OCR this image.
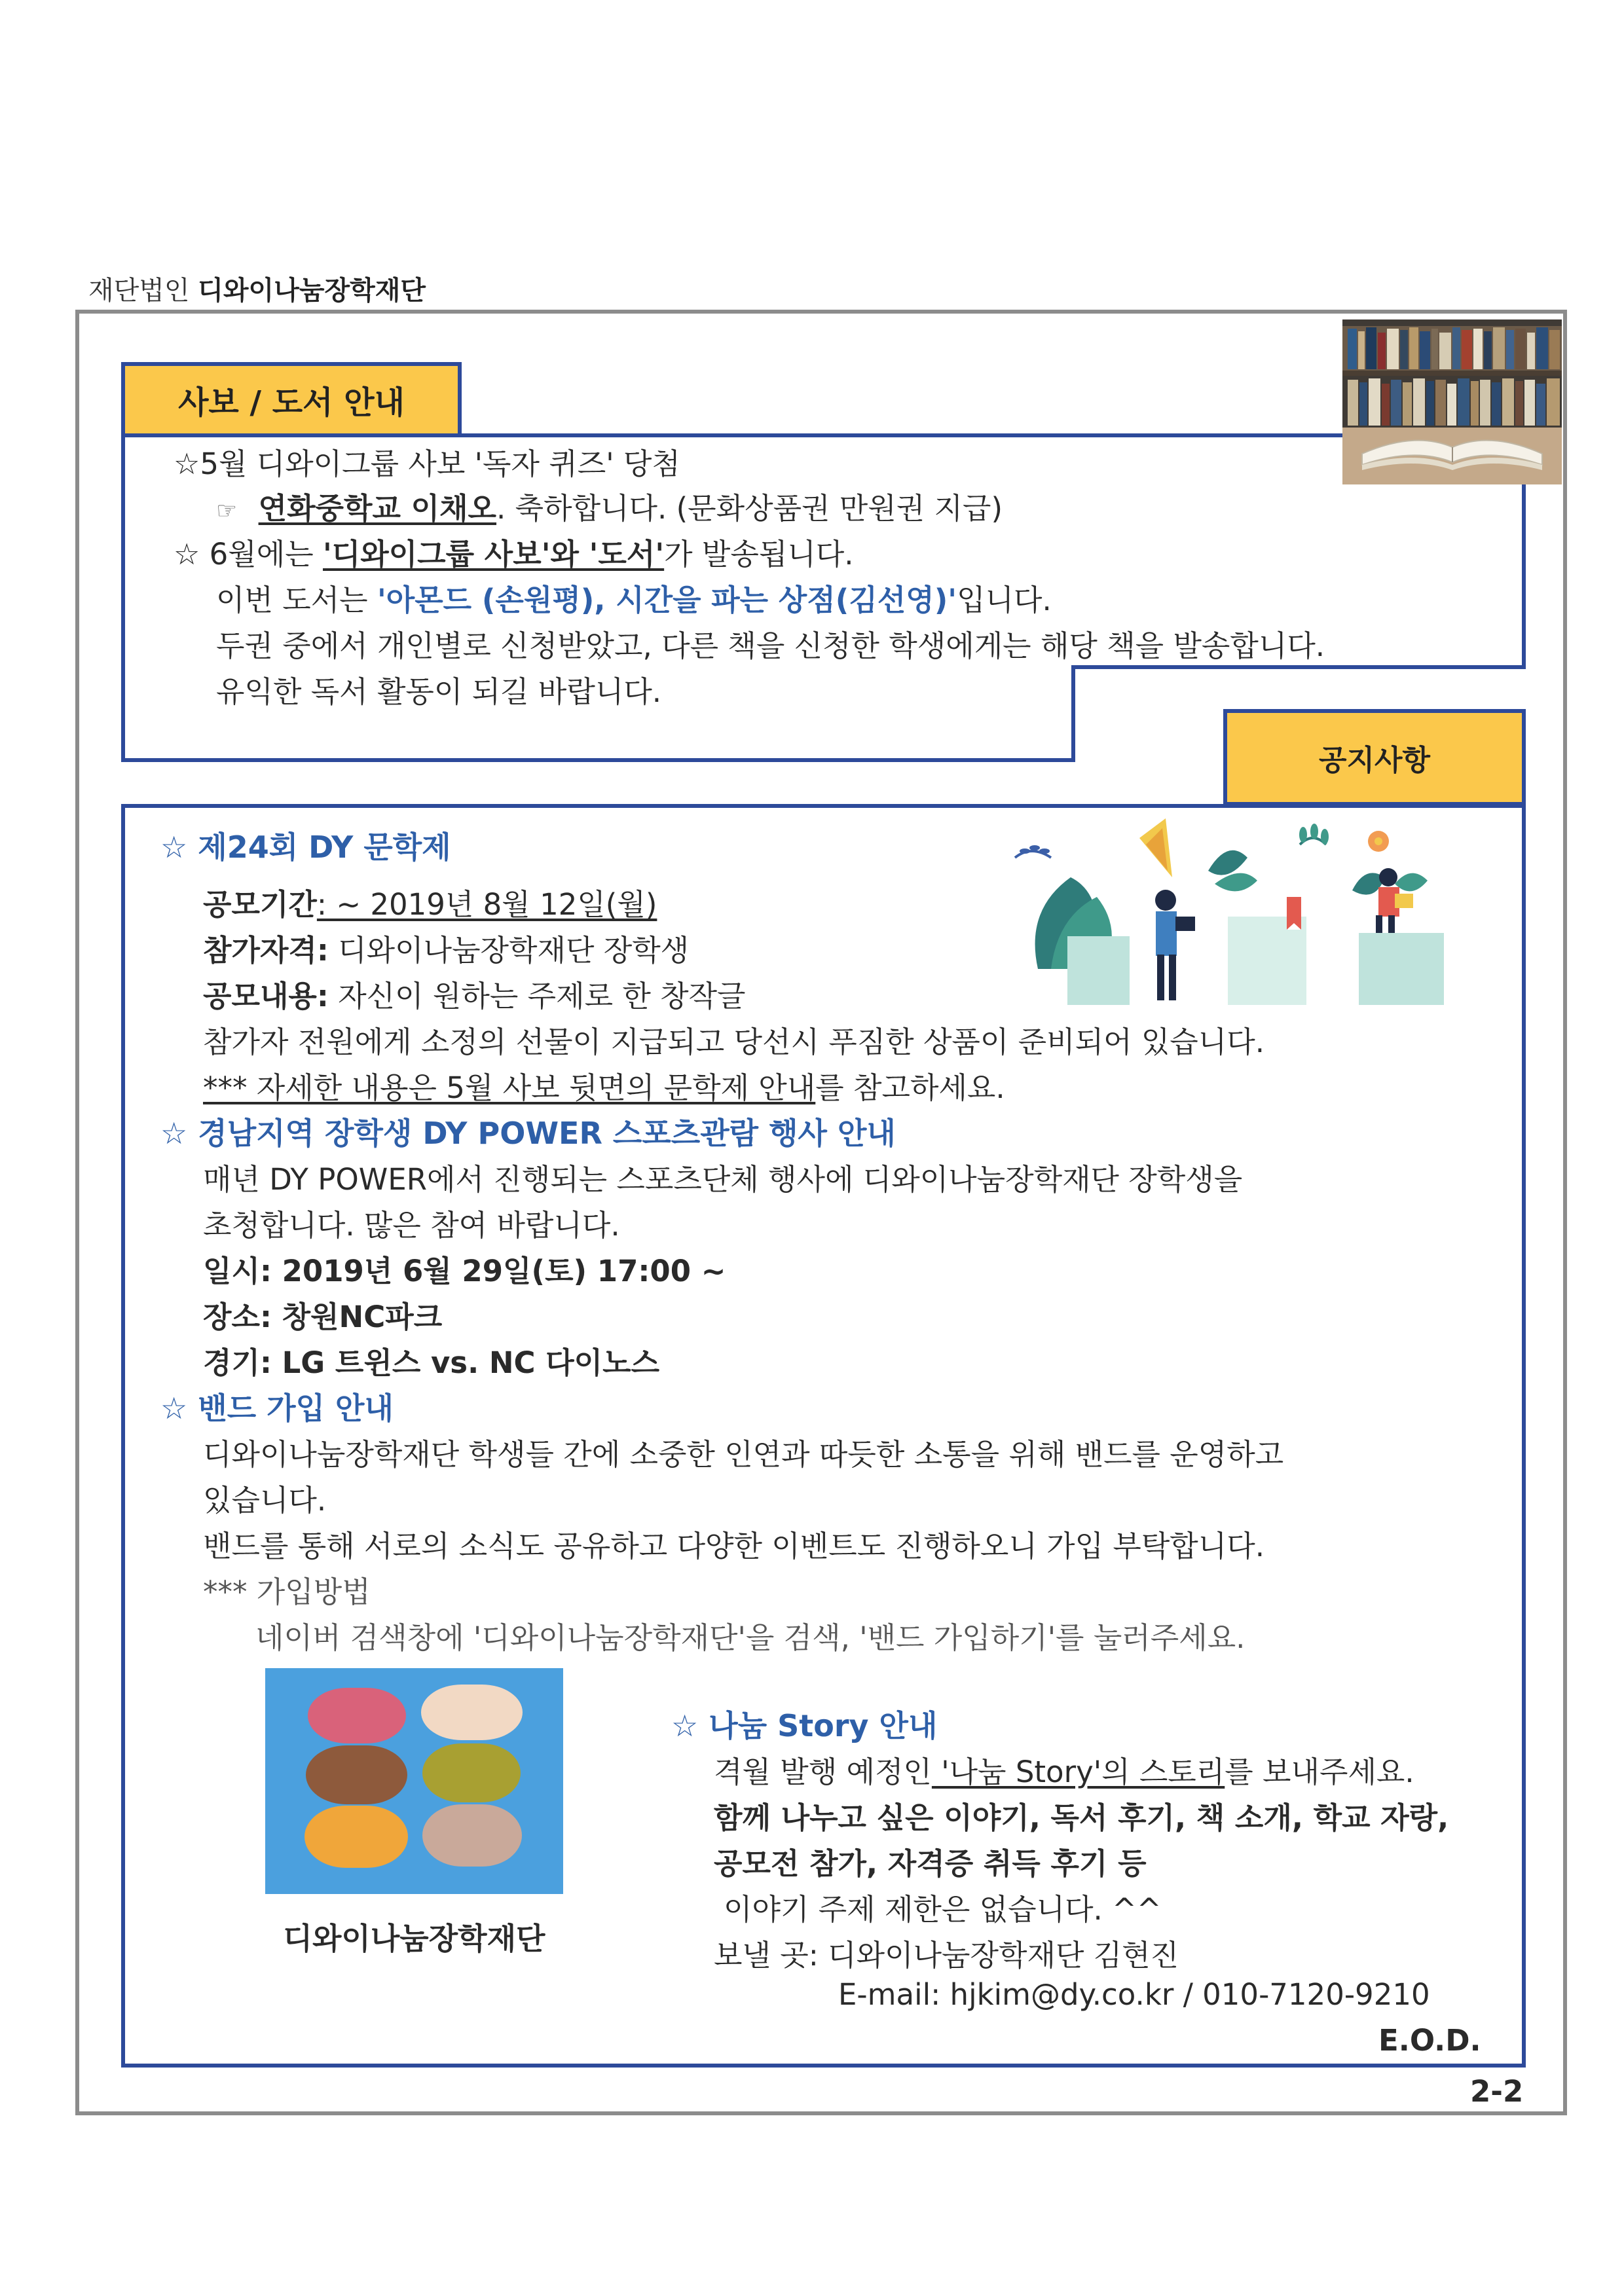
재단법인 디와이나눔장학재단
사보 / 도서 안내
☆5월 디와이그룹 사보 '독자 퀴즈' 당첨
☞ 연화중학교 이채오. 축하합니다. (문화상품권 만원권 지급)
☆ 6월에는 '디와이그룹 사보'와 '도서'가 발송됩니다.
이번 도서는 '아몬드 (손원평), 시간을 파는 상점(김선영)'입니다.
두권 중에서 개인별로 신청받았고, 다른 책을 신청한 학생에게는 해당 책을 발송합니다.
유익한 독서 활동이 되길 바랍니다.
공지사항
☆ 제24회 DY 문학제
공모기간: ~ 2019년 8월 12일(월)
참가자격: 디와이나눔장학재단 장학생
공모내용: 자신이 원하는 주제로 한 창작글
참가자 전원에게 소정의 선물이 지급되고 당선시 푸짐한 상품이 준비되어 있습니다.
*** 자세한 내용은 5월 사보 뒷면의 문학제 안내를 참고하세요.
☆ 경남지역 장학생 DY POWER 스포츠관람 행사 안내
매년 DY POWER에서 진행되는 스포츠단체 행사에 디와이나눔장학재단 장학생을
초청합니다. 많은 참여 바랍니다.
일시: 2019년 6월 29일(토) 17:00 ~
장소: 창원NC파크
경기: LG 트윈스 vs. NC 다이노스
☆ 밴드 가입 안내
디와이나눔장학재단 학생들 간에 소중한 인연과 따듯한 소통을 위해 밴드를 운영하고
있습니다.
밴드를 통해 서로의 소식도 공유하고 다양한 이벤트도 진행하오니 가입 부탁합니다.
*** 가입방법
네이버 검색창에 '디와이나눔장학재단'을 검색, '밴드 가입하기'를 눌러주세요.
디와이나눔장학재단
☆ 나눔 Story 안내
격월 발행 예정인 '나눔 Story'의 스토리를 보내주세요.
함께 나누고 싶은 이야기, 독서 후기, 책 소개, 학교 자랑,
공모전 참가, 자격증 취득 후기 등
이야기 주제 제한은 없습니다. ^^
보낼 곳: 디와이나눔장학재단 김현진
E-mail: hjkim@dy.co.kr / 010-7120-9210
E.O.D.
2-2
